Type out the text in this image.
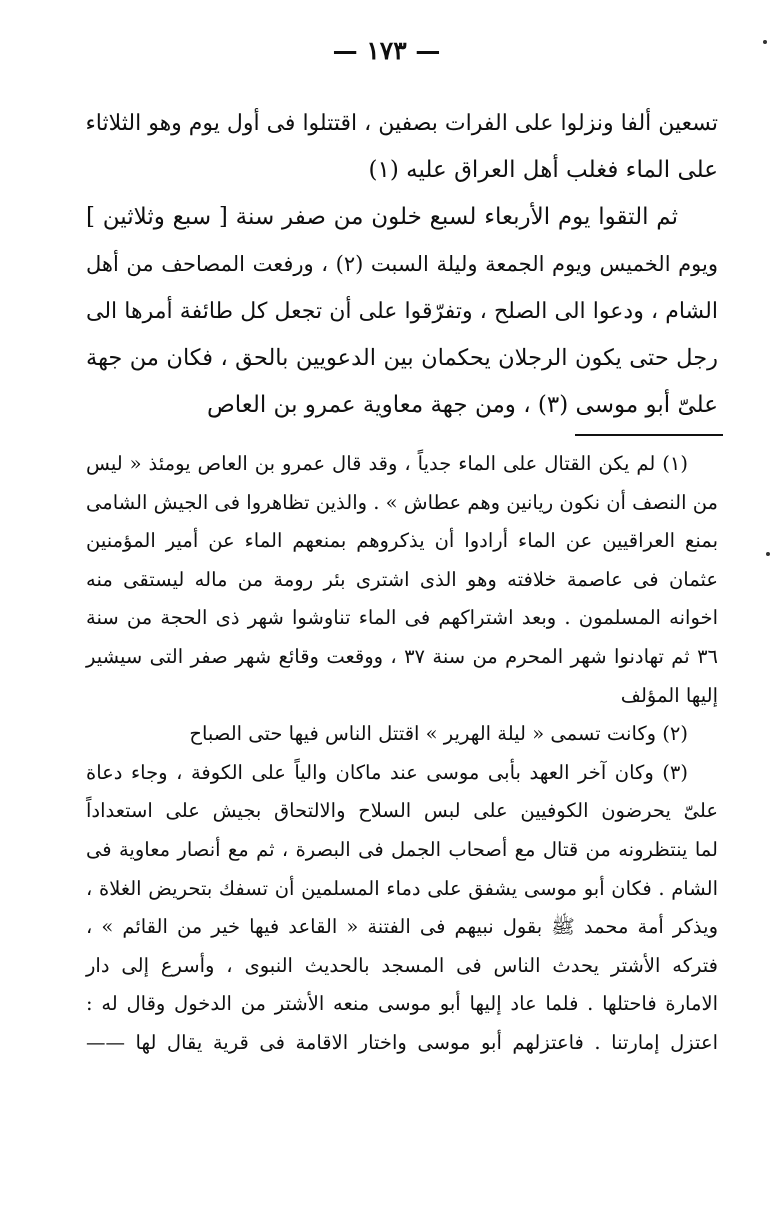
— ١٧٣ —
تسعين ألفا ونزلوا على الفرات بصفين ، اقتتلوا فى أول يوم وهو الثلاثاء
على الماء فغلب أهل العراق عليه (١)
ثم التقوا يوم الأربعاء لسبع خلون من صفر سنة [ سبع وثلاثين ]
ويوم الخميس ويوم الجمعة وليلة السبت (٢) ، ورفعت المصاحف من أهل
الشام ، ودعوا الى الصلح ، وتفرّقوا على أن تجعل كل طائفة أمرها الى
رجل حتى يكون الرجلان يحكمان بين الدعويين بالحق ، فكان من جهة
علىّ أبو موسى (٣) ، ومن جهة معاوية عمرو بن العاص
(١) لم يكن القتال على الماء جدياً ، وقد قال عمرو بن العاص يومئذ « ليس
من النصف أن نكون ريانين وهم عطاش » . والذين تظاهروا فى الجيش الشامى
بمنع العراقيين عن الماء أرادوا أن يذكروهم بمنعهم الماء عن أمير المؤمنين
عثمان فى عاصمة خلافته وهو الذى اشترى بئر رومة من ماله ليستقى منه
اخوانه المسلمون . وبعد اشتراكهم فى الماء تناوشوا شهر ذى الحجة من سنة
٣٦ ثم تهادنوا شهر المحرم من سنة ٣٧ ، ووقعت وقائع شهر صفر التى سيشير
إليها المؤلف
(٢) وكانت تسمى « ليلة الهرير » اقتتل الناس فيها حتى الصباح
(٣) وكان آخر العهد بأبى موسى عند ماكان والياً على الكوفة ، وجاء دعاة
علىّ يحرضون الكوفيين على لبس السلاح والالتحاق بجيش على استعداداً
لما ينتظرونه من قتال مع أصحاب الجمل فى البصرة ، ثم مع أنصار معاوية فى
الشام . فكان أبو موسى يشفق على دماء المسلمين أن تسفك بتحريض الغلاة ،
ويذكر أمة محمد ﷺ بقول نبيهم فى الفتنة « القاعد فيها خير من القائم » ،
فتركه الأشتر يحدث الناس فى المسجد بالحديث النبوى ، وأسرع إلى دار
الامارة فاحتلها . فلما عاد إليها أبو موسى منعه الأشتر من الدخول وقال له :
اعتزل إمارتنا . فاعتزلهم أبو موسى واختار الاقامة فى قرية يقال لها ——
